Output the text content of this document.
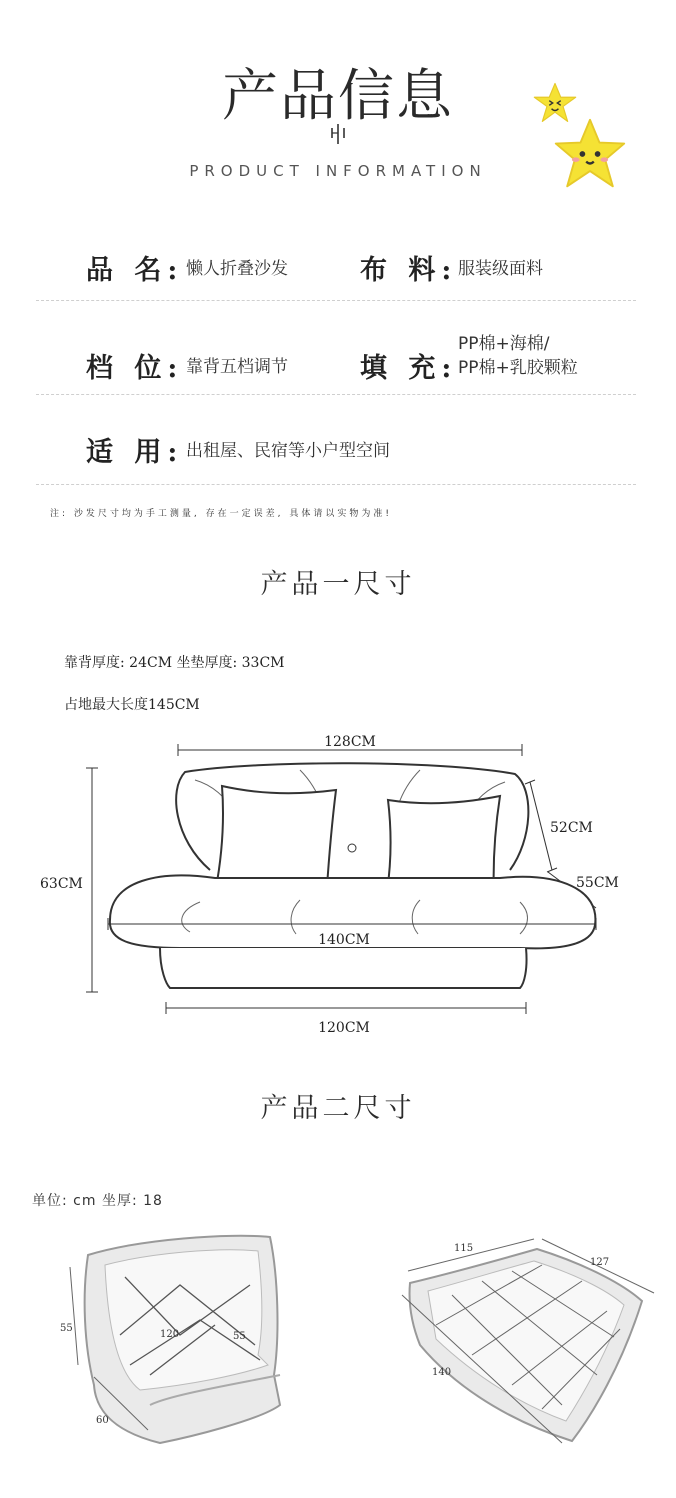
产品信息
PRODUCT INFORMATION
品 名: 懒人折叠沙发	布 料: 服装级面料
档 位: 靠背五档调节	填 充:
PP棉+海棉/
PP棉+乳胶颗粒
适 用: 出租屋、民宿等小户型空间
注: 沙发尺寸均为手工测量, 存在一定误差, 具体请以实物为准!
产品一尺寸
靠背厚度: 24CM 坐垫厚度: 33CM
占地最大长度145CM
128CM
63CM
52CM
55CM
140CM
120CM
产品二尺寸
单位: cm 坐厚: 18
55
120	55
60
115
127
140
